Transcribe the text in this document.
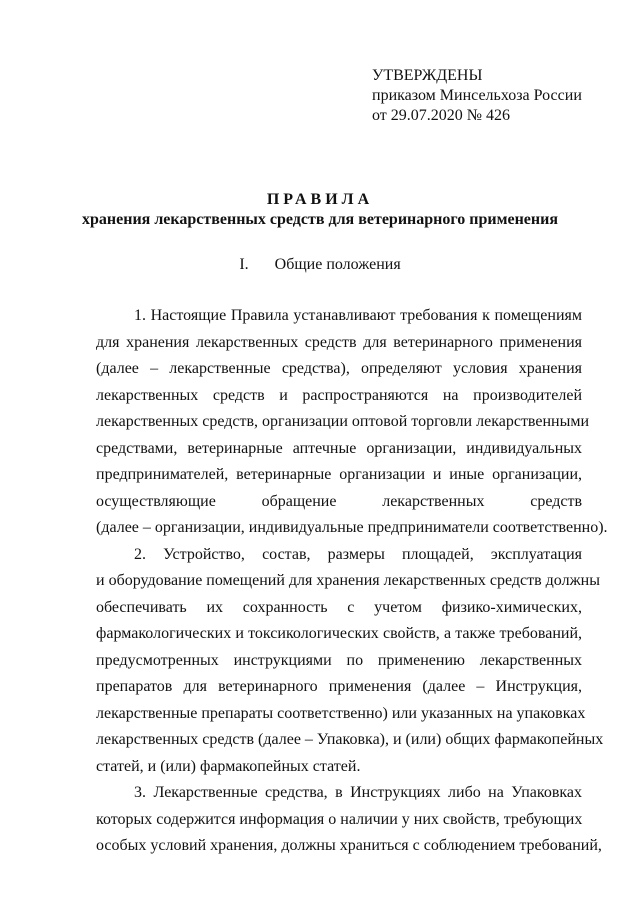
УТВЕРЖДЕНЫ
приказом Минсельхоза России
от 29.07.2020 № 426
ПРАВИЛА
хранения лекарственных средств для ветеринарного применения
I. Общие положения
1. Настоящие Правила устанавливают требования к помещениям
для хранения лекарственных средств для ветеринарного применения
(далее – лекарственные средства), определяют условия хранения
лекарственных средств и распространяются на производителей
лекарственных средств, организации оптовой торговли лекарственными
средствами, ветеринарные аптечные организации, индивидуальных
предпринимателей, ветеринарные организации и иные организации,
осуществляющие обращение лекарственных средств
(далее – организации, индивидуальные предприниматели соответственно).
2. Устройство, состав, размеры площадей, эксплуатация
и оборудование помещений для хранения лекарственных средств должны
обеспечивать их сохранность с учетом физико-химических,
фармакологических и токсикологических свойств, а также требований,
предусмотренных инструкциями по применению лекарственных
препаратов для ветеринарного применения (далее – Инструкция,
лекарственные препараты соответственно) или указанных на упаковках
лекарственных средств (далее – Упаковка), и (или) общих фармакопейных
статей, и (или) фармакопейных статей.
3. Лекарственные средства, в Инструкциях либо на Упаковках
которых содержится информация о наличии у них свойств, требующих
особых условий хранения, должны храниться с соблюдением требований,
